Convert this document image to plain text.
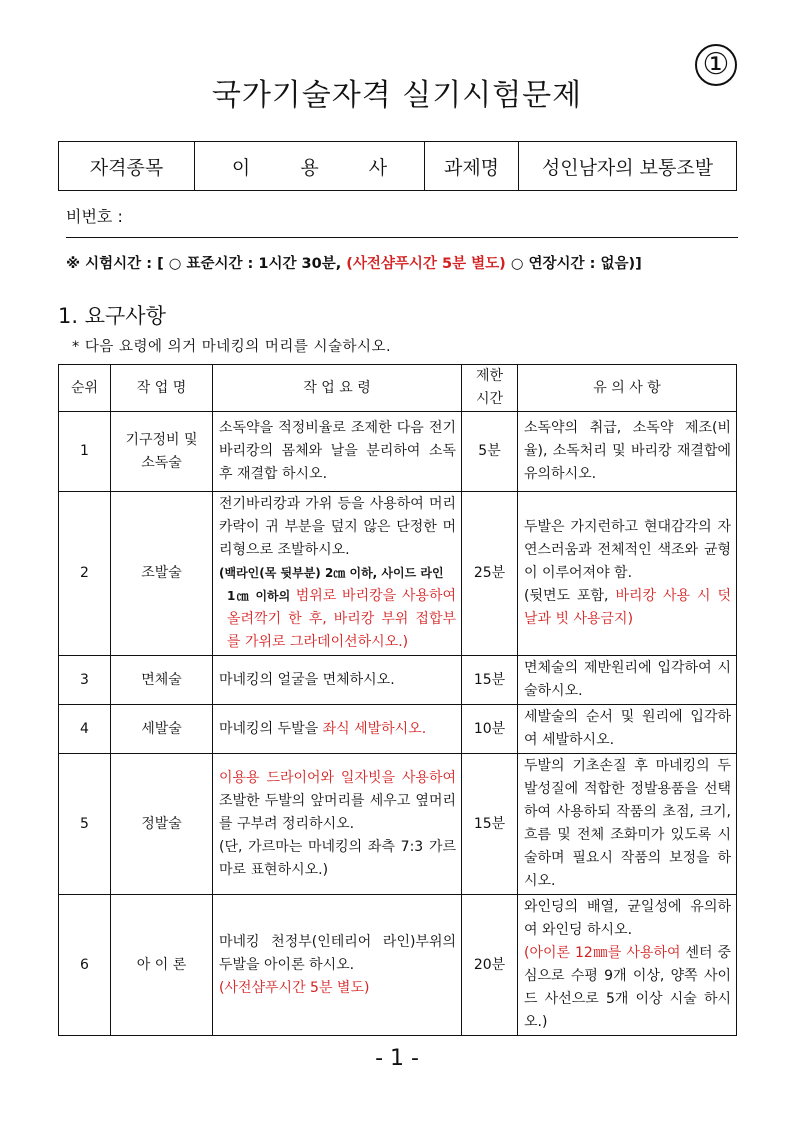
①
국가기술자격 실기시험문제
자격종목	이 용 사	과제명	성인남자의 보통조발
비번호 :
※ 시험시간 : [ ○ 표준시간 : 1시간 30분, (사전샴푸시간 5분 별도) ○ 연장시간 : 없음)]
1. 요구사항
* 다음 요령에 의거 마네킹의 머리를 시술하시오.
순위	작 업 명	작 업 요 령	제한
시간	유 의 사 항
1	기구정비 및
소독술	소독약을 적정비율로 조제한 다음 전기바리캉의 몸체와 날을 분리하여 소독 후 재결합 하시오.	5분	소독약의 취급, 소독약 제조(비율), 소독처리 및 바리캉 재결합에 유의하시오.
2	조발술	전기바리캉과 가위 등을 사용하여 머리카락이 귀 부분을 덮지 않은 단정한 머리형으로 조발하시오.
(백라인(목 뒷부분) 2㎝ 이하, 사이드 라인
1㎝ 이하의 범위로 바리캉을 사용하여 올려깍기 한 후, 바리캉 부위 접합부를 가위로 그라데이션하시오.)	25분	두발은 가지런하고 현대감각의 자연스러움과 전체적인 색조와 균형이 이루어져야 함.
(뒷면도 포함, 바리캉 사용 시 덧날과 빗 사용금지)
3	면체술	마네킹의 얼굴을 면체하시오.	15분	면체술의 제반원리에 입각하여 시술하시오.
4	세발술	마네킹의 두발을 좌식 세발하시오.	10분	세발술의 순서 및 원리에 입각하여 세발하시오.
5	정발술	이용용 드라이어와 일자빗을 사용하여 조발한 두발의 앞머리를 세우고 옆머리를 구부려 정리하시오.
(단, 가르마는 마네킹의 좌측 7:3 가르마로 표현하시오.)	15분	두발의 기초손질 후 마네킹의 두발성질에 적합한 정발용품을 선택하여 사용하되 작품의 초점, 크기, 흐름 및 전체 조화미가 있도록 시술하며 필요시 작품의 보정을 하시오.
6	아 이 론	마네킹 천정부(인테리어 라인)부위의 두발을 아이론 하시오.
(사전샴푸시간 5분 별도)	20분	와인딩의 배열, 균일성에 유의하여 와인딩 하시오.
(아이론 12㎜를 사용하여 센터 중심으로 수평 9개 이상, 양쪽 사이드 사선으로 5개 이상 시술 하시오.)
- 1 -
